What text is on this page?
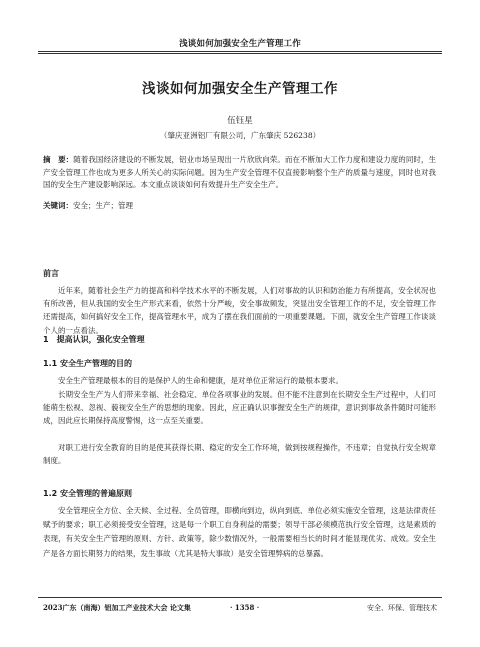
浅谈如何加强安全生产管理工作
浅谈如何加强安全生产管理工作
伍钰星
（肇庆亚洲铝厂有限公司，广东肇庆 526238）
摘　要：随着我国经济建设的不断发展，铝业市场呈现出一片欣欣向荣。而在不断加大工作力度和建设力度的同时，生产安全管理工作也成为更多人所关心的实际问题。因为生产安全管理不仅直接影响整个生产的质量与速度，同时也对我国的安全生产建设影响深远。本文重点谈谈如何有效提升生产安全生产。
关键词：安全；生产；管理
前言
近年来，随着社会生产力的提高和科学技术水平的不断发展，人们对事故的认识和防治能力有所提高，安全状况也有所改善，但从我国的安全生产形式来看，依然十分严峻，安全事故频发，突显出安全管理工作的不足，安全管理工作还需提高，如何搞好安全工作，提高管理水平，成为了摆在我们面前的一项重要课题。下面，就安全生产管理工作谈谈个人的一点看法。
1　提高认识，强化安全管理
1.1 安全生产管理的目的
安全生产管理最根本的目的是保护人的生命和健康，是对单位正常运行的最根本要求。
长期安全生产为人们带来幸福、社会稳定、单位各项事业的发展。但不能不注意到在长期安全生产过程中，人们可能萌生松视、忽视、藐视安全生产的思想的现象。因此，应正确认识事握安全生产的规律，意识到事故条件随时可能形成，因此应长期保持高度警惕，这一点至关重要。
对职工进行安全教育的目的是使其获得长期、稳定的安全工作环境，做到按规程操作，不违章；自觉执行安全规章制度。
1.2 安全管理的普遍原则
安全管理应全方位、全天候、全过程、全员管理，即横向到边，纵向到底、单位必须实施安全管理，这是法律责任赋予的要求；职工必须接受安全管理，这是每一个职工自身利益的需要；领导干部必须模范执行安全管理，这是素质的表现，有关安全生产管理的原则、方针、政策等，除少数情况外，一般需要相当长的时间才能显现优劣、成效。安全生产是各方面长期努力的结果，发生事故（尤其是特大事故）是安全管理弊病的总暴露。
2023广东（南海）铝加工产业技术大会 论文集	· 1358 ·	安全、环保、管理技术
